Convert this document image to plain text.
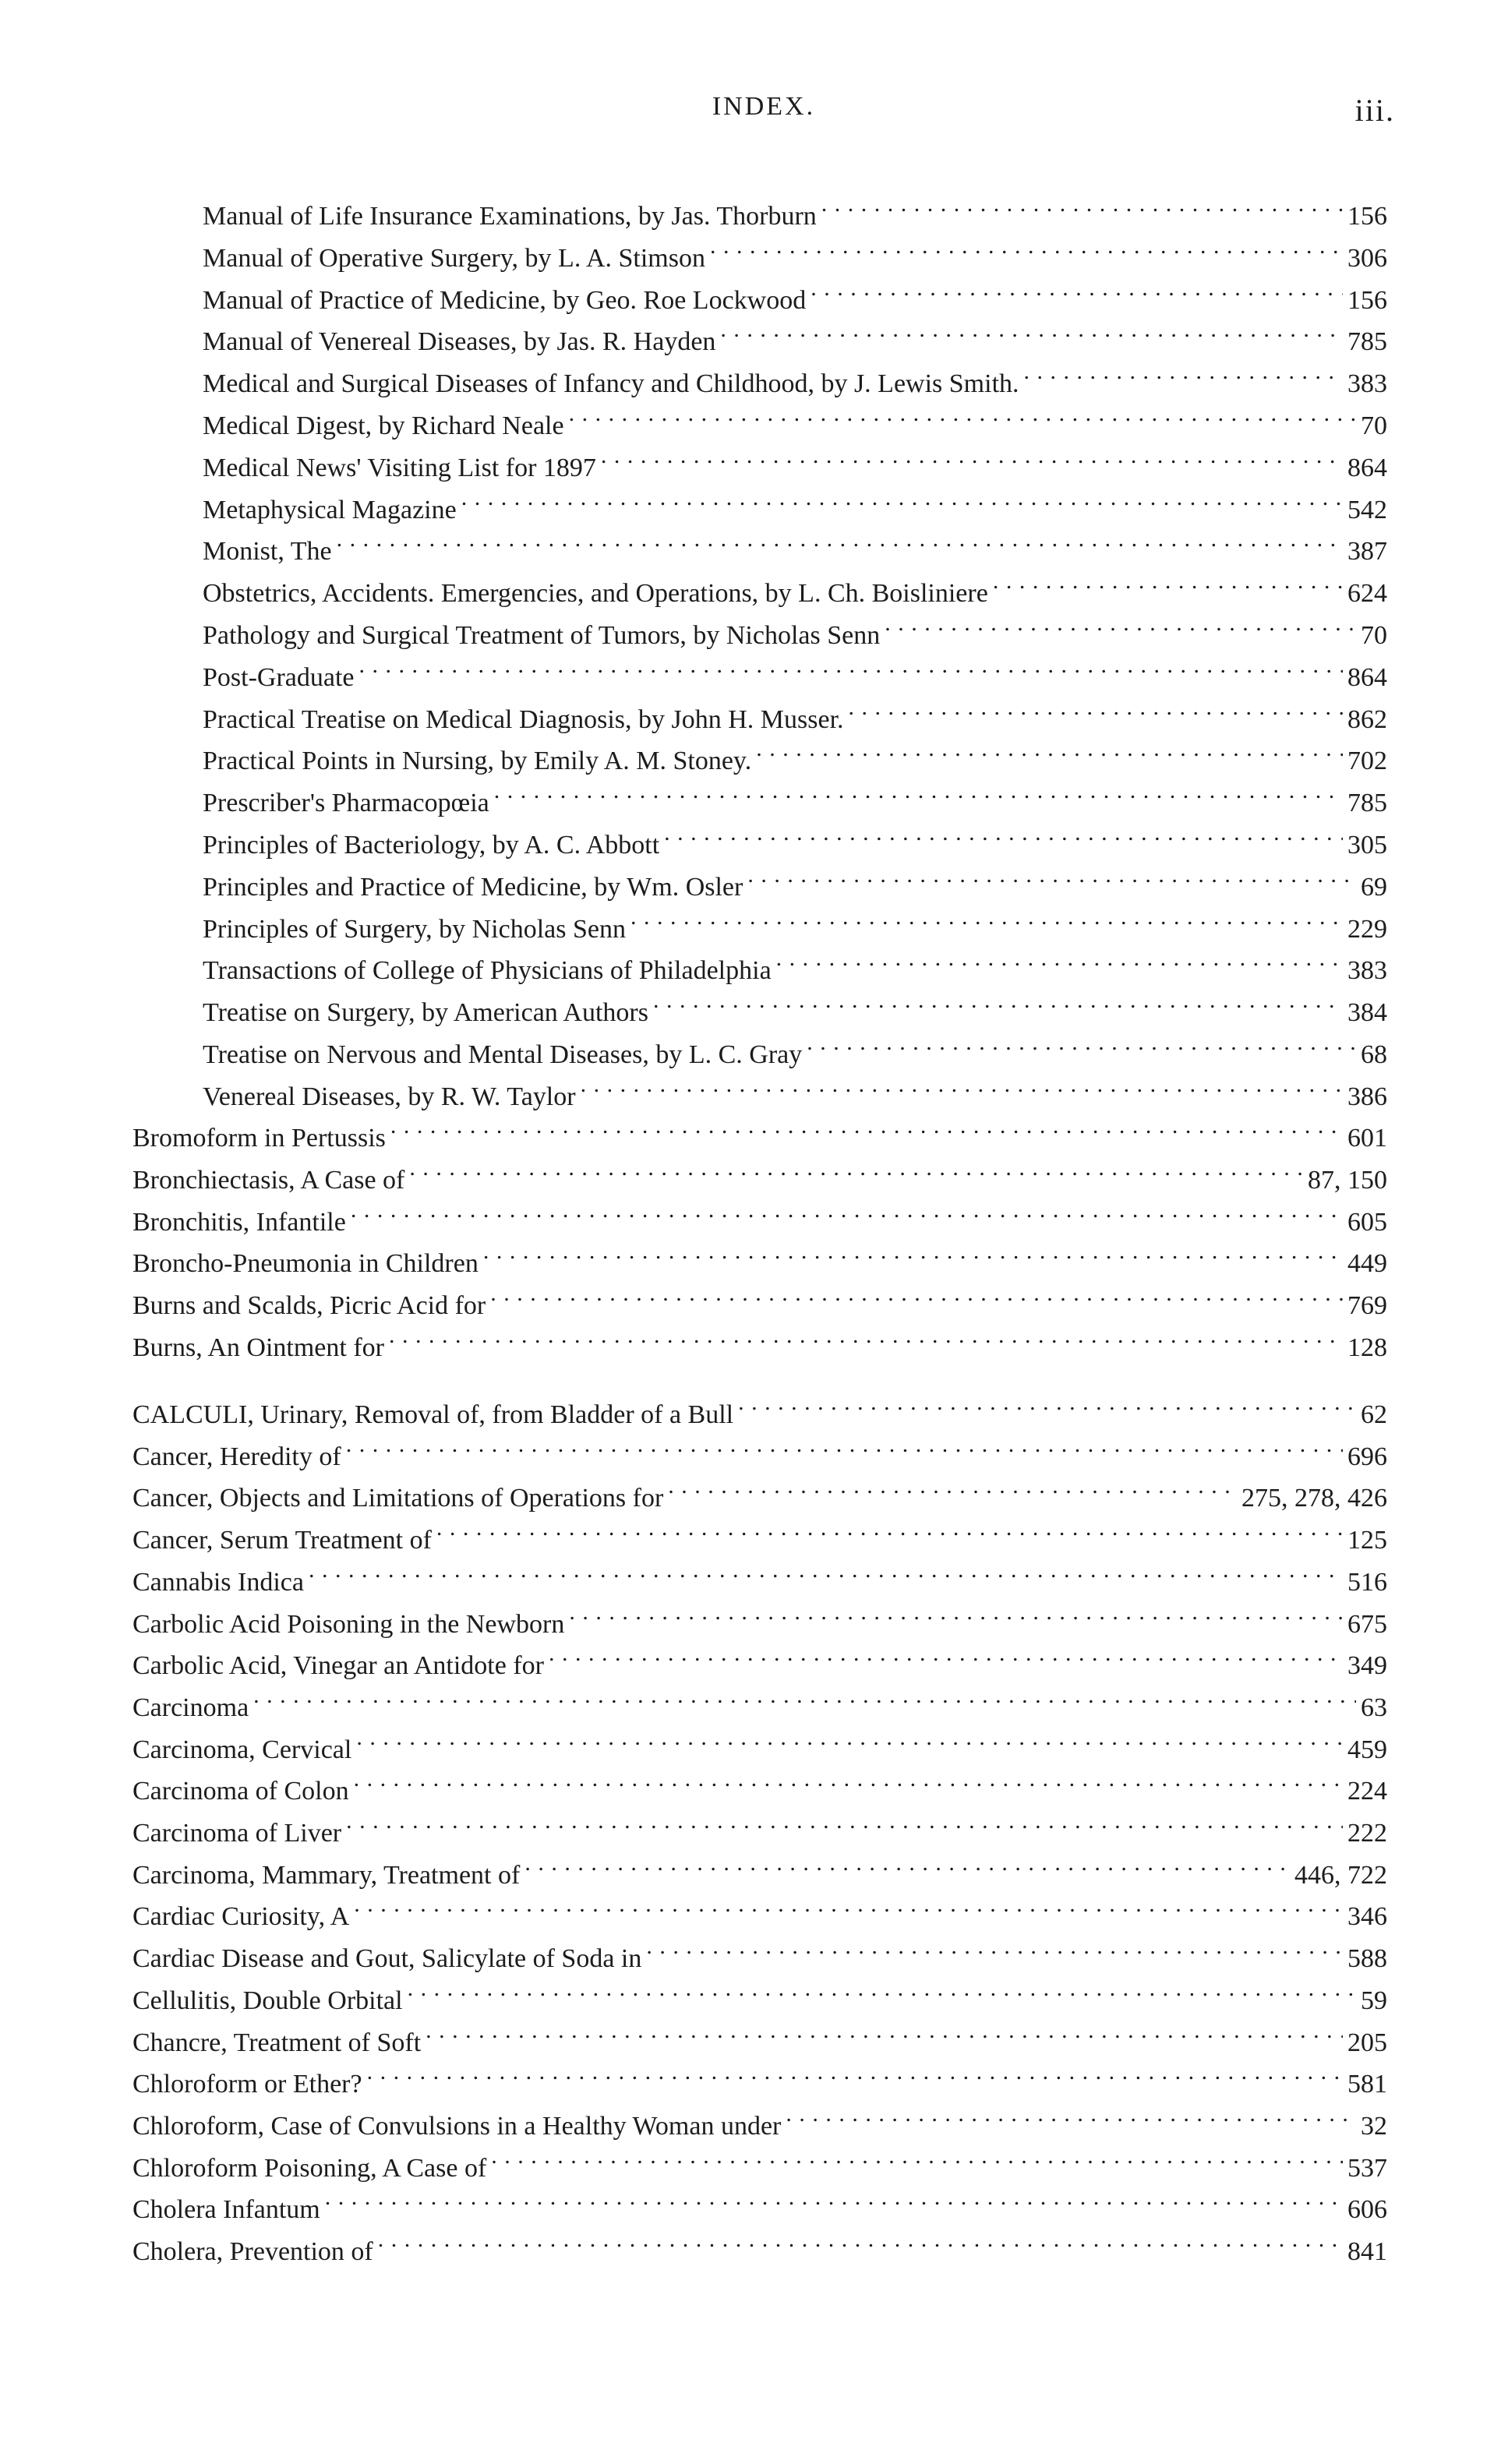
INDEX.	iii.
Manual of Life Insurance Examinations, by Jas. Thorburn . . .	156
Manual of Operative Surgery, by L. A. Stimson . . .	306
Manual of Practice of Medicine, by Geo. Roe Lockwood . . .	156
Manual of Venereal Diseases, by Jas. R. Hayden . . .	785
Medical and Surgical Diseases of Infancy and Childhood, by J. Lewis Smith. . . .	383
Medical Digest, by Richard Neale . . .	70
Medical News' Visiting List for 1897 . . .	864
Metaphysical Magazine . . .	542
Monist, The . . .	387
Obstetrics, Accidents. Emergencies, and Operations, by L. Ch. Boisliniere . . .	624
Pathology and Surgical Treatment of Tumors, by Nicholas Senn . . .	70
Post-Graduate . . .	864
Practical Treatise on Medical Diagnosis, by John H. Musser. . . .	862
Practical Points in Nursing, by Emily A. M. Stoney. . . .	702
Prescriber's Pharmacopœia . . .	785
Principles of Bacteriology, by A. C. Abbott . . .	305
Principles and Practice of Medicine, by Wm. Osler . . .	69
Principles of Surgery, by Nicholas Senn . . .	229
Transactions of College of Physicians of Philadelphia . . .	383
Treatise on Surgery, by American Authors . . .	384
Treatise on Nervous and Mental Diseases, by L. C. Gray . . .	68
Venereal Diseases, by R. W. Taylor . . .	386
Bromoform in Pertussis . . .	601
Bronchiectasis, A Case of . . .	87, 150
Bronchitis, Infantile . . .	605
Broncho-Pneumonia in Children . . .	449
Burns and Scalds, Picric Acid for . . .	769
Burns, An Ointment for . . .	128
CALCULI, Urinary, Removal of, from Bladder of a Bull . . .	62
Cancer, Heredity of . . .	696
Cancer, Objects and Limitations of Operations for . . .	275, 278, 426
Cancer, Serum Treatment of . . .	125
Cannabis Indica . . .	516
Carbolic Acid Poisoning in the Newborn . . .	675
Carbolic Acid, Vinegar an Antidote for . . .	349
Carcinoma . . .	63
Carcinoma, Cervical . . .	459
Carcinoma of Colon . . .	224
Carcinoma of Liver . . .	222
Carcinoma, Mammary, Treatment of . . .	446, 722
Cardiac Curiosity, A . . .	346
Cardiac Disease and Gout, Salicylate of Soda in . . .	588
Cellulitis, Double Orbital . . .	59
Chancre, Treatment of Soft . . .	205
Chloroform or Ether? . . .	581
Chloroform, Case of Convulsions in a Healthy Woman under . . .	32
Chloroform Poisoning, A Case of . . .	537
Cholera Infantum . . .	606
Cholera, Prevention of . . .	841
